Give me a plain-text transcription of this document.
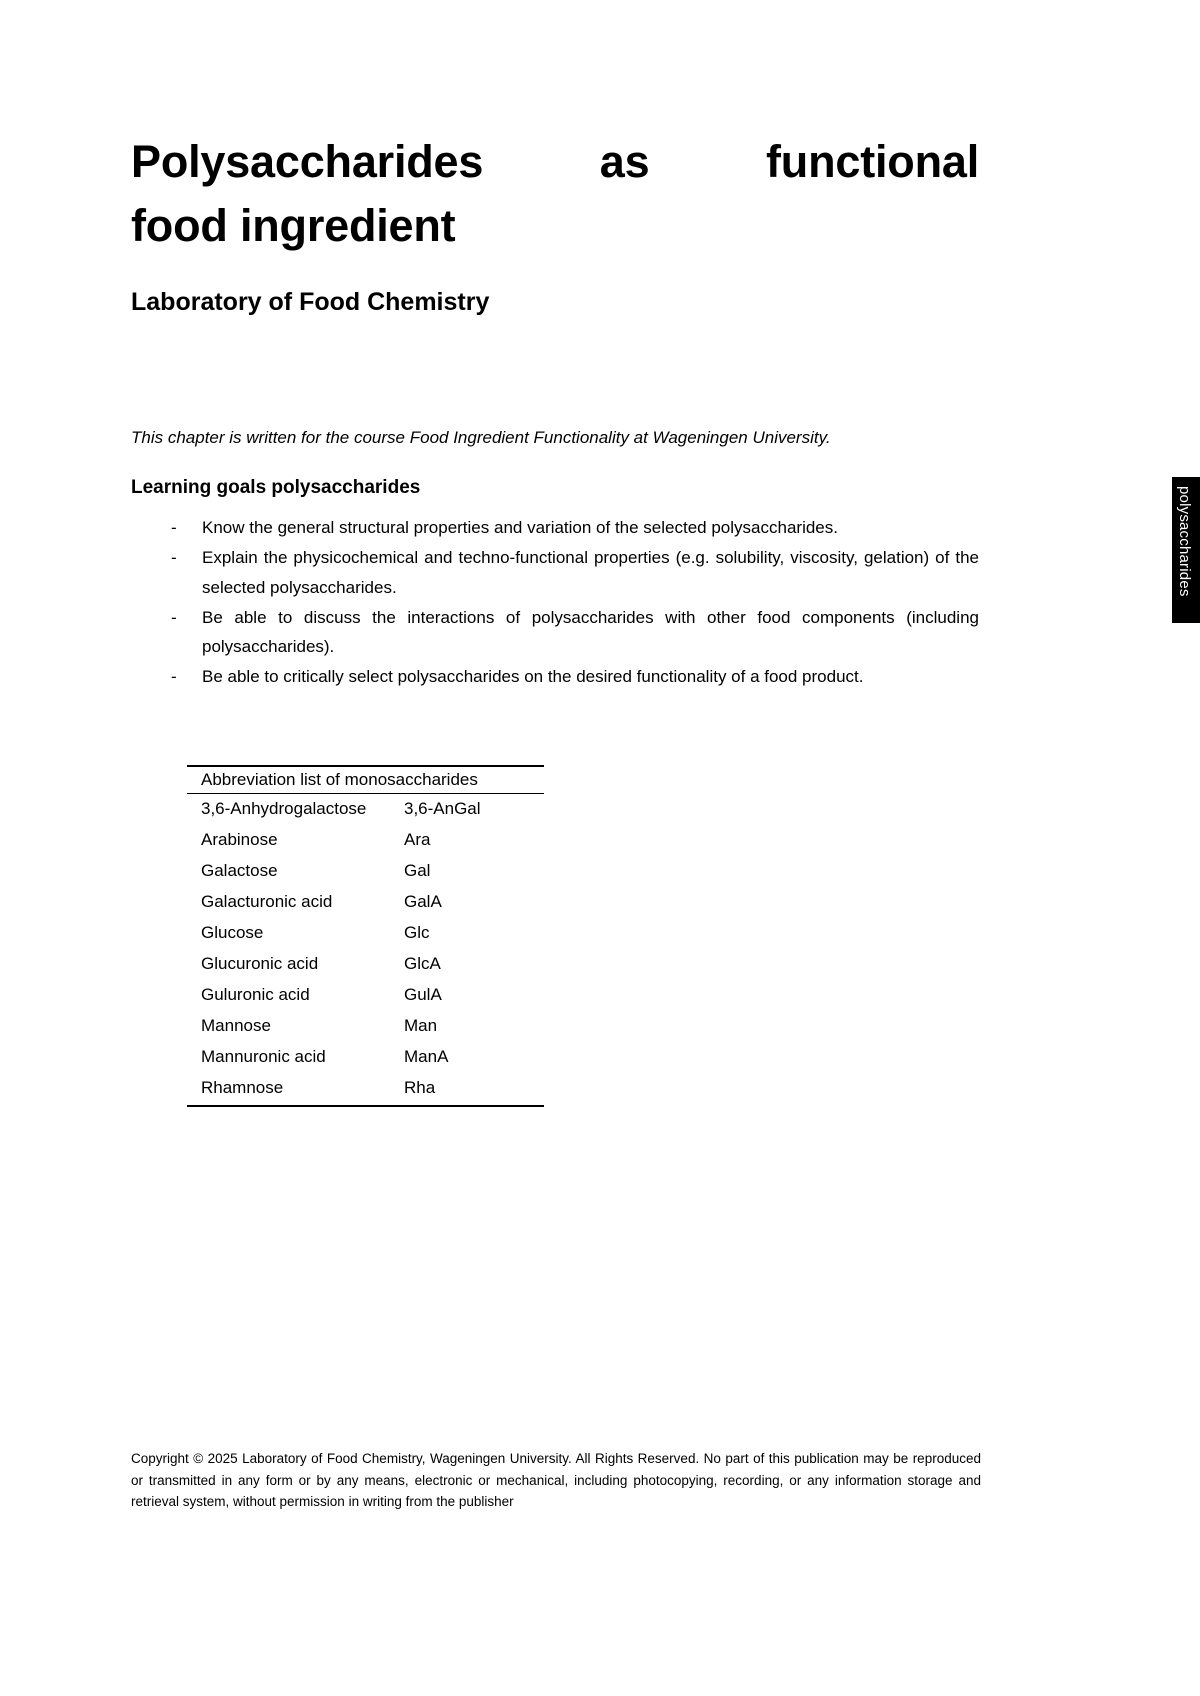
Polysaccharides as functional
food ingredient
Laboratory of Food Chemistry

This chapter is written for the course Food Ingredient Functionality at Wageningen University.

Learning goals polysaccharides
- Know the general structural properties and variation of the selected polysaccharides.
- Explain the physicochemical and techno-functional properties (e.g. solubility, viscosity, gelation) of the selected polysaccharides.
- Be able to discuss the interactions of polysaccharides with other food components (including polysaccharides).
- Be able to critically select polysaccharides on the desired functionality of a food product.
Abbreviation list of monosaccharides
3,6-Anhydrogalactose	3,6-AnGal
Arabinose	Ara
Galactose	Gal
Galacturonic acid	GalA
Glucose	Glc
Glucuronic acid	GlcA
Guluronic acid	GulA
Mannose	Man
Mannuronic acid	ManA
Rhamnose	Rha
polysaccharides
Copyright © 2025 Laboratory of Food Chemistry, Wageningen University. All Rights Reserved. No part of this publication may be reproduced or transmitted in any form or by any means, electronic or mechanical, including photocopying, recording, or any information storage and retrieval system, without permission in writing from the publisher
